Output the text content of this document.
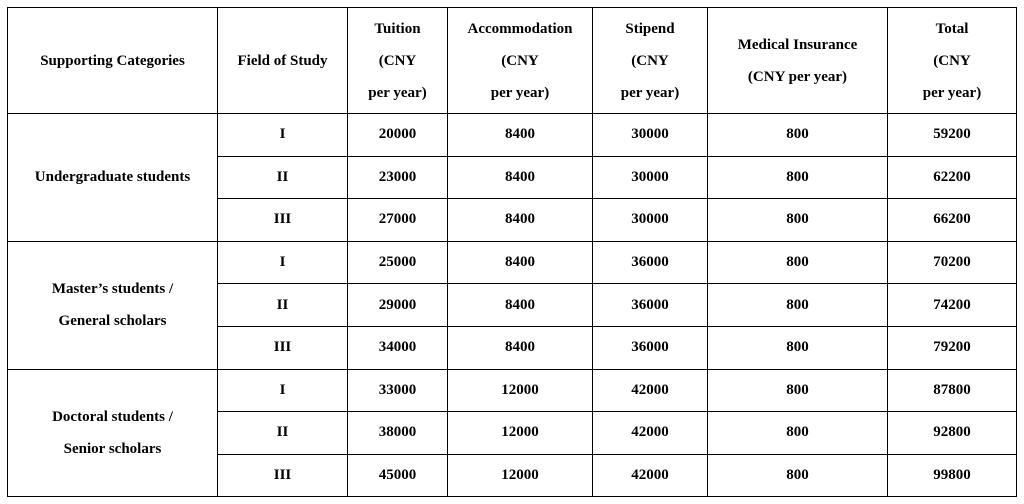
Supporting Categories	Field of Study	Tuition
(CNY
per year)	Accommodation
(CNY
per year)	Stipend
(CNY
per year)	Medical Insurance
(CNY per year)	Total
(CNY
per year)

Undergraduate students	I	20000	8400	30000	800	59200
	II	23000	8400	30000	800	62200
	III	27000	8400	30000	800	66200

Master’s students /
General scholars	I	25000	8400	36000	800	70200
	II	29000	8400	36000	800	74200
	III	34000	8400	36000	800	79200

Doctoral students /
Senior scholars	I	33000	12000	42000	800	87800
	II	38000	12000	42000	800	92800
	III	45000	12000	42000	800	99800
